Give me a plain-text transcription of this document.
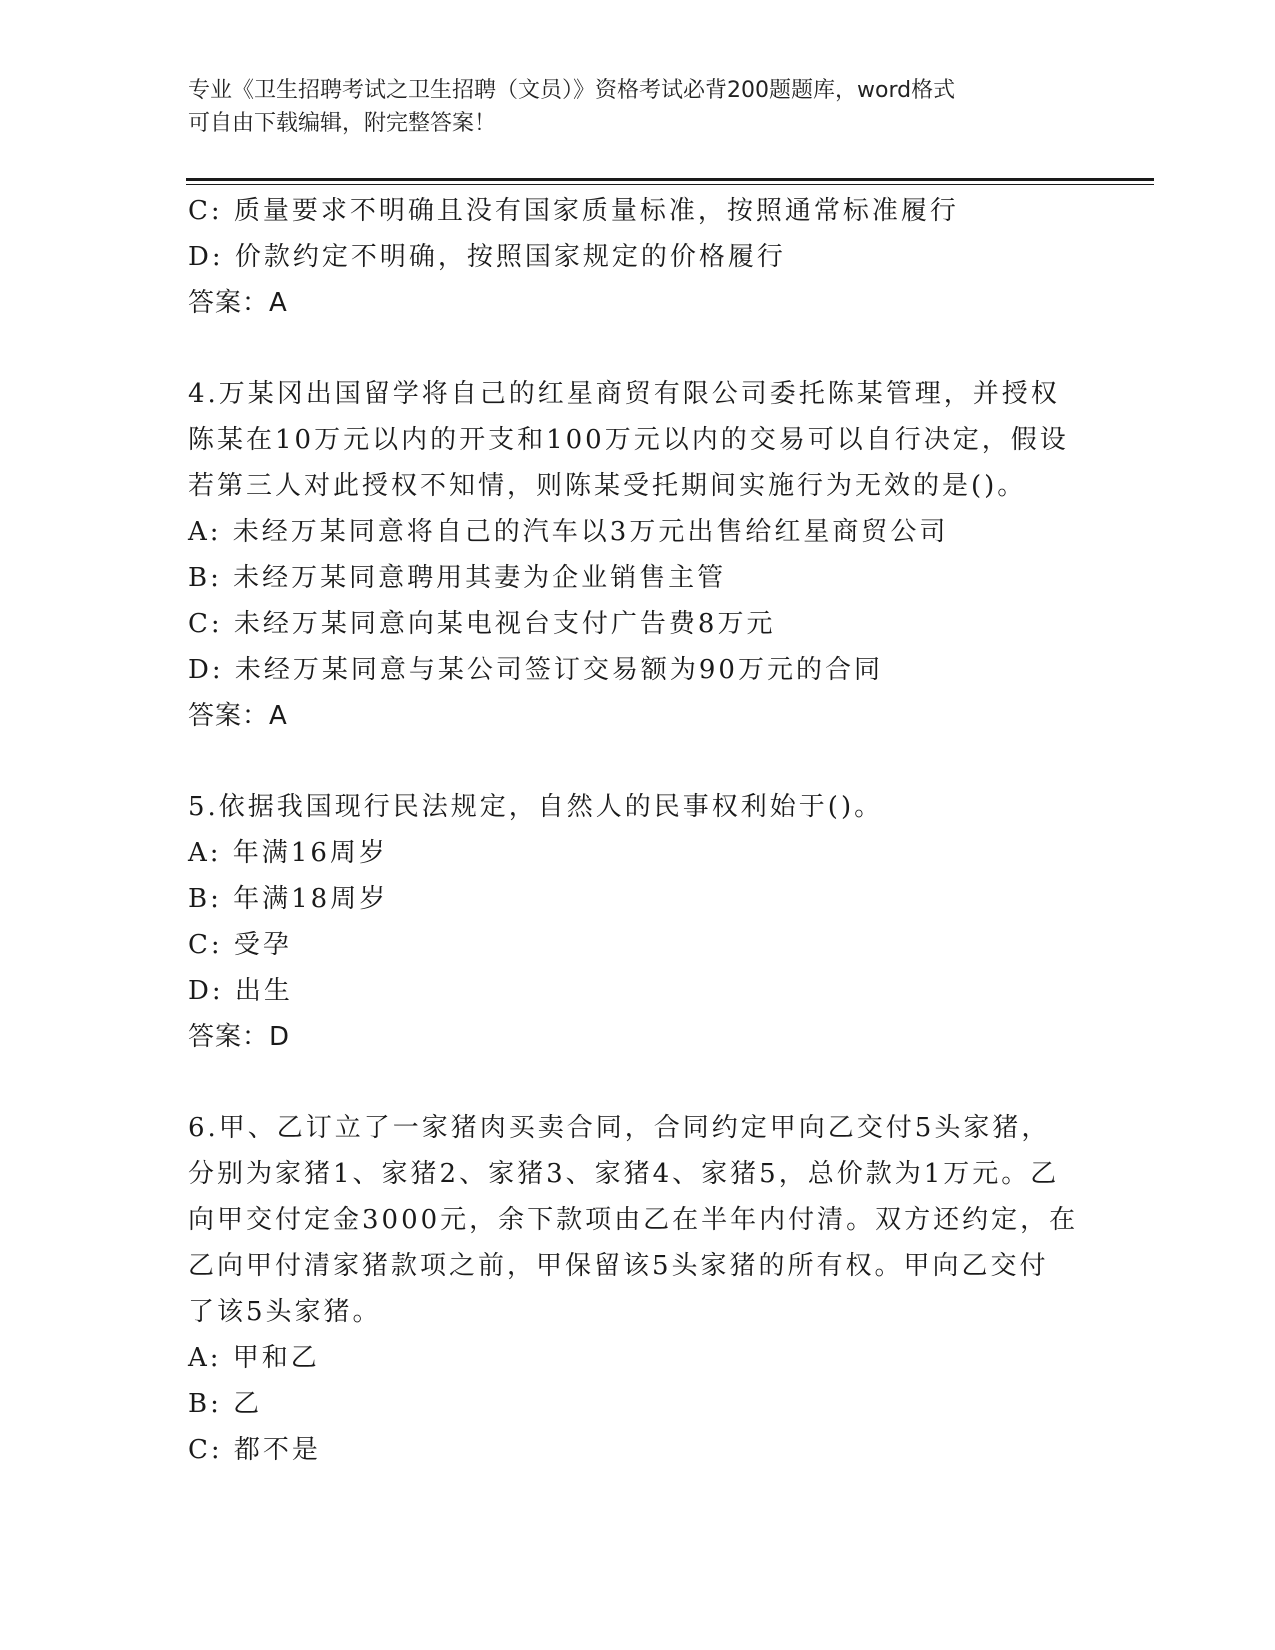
专业《卫生招聘考试之卫生招聘（文员）》资格考试必背200题题库，word格式
可自由下载编辑，附完整答案！
C: 质量要求不明确且没有国家质量标准，按照通常标准履行
D: 价款约定不明确，按照国家规定的价格履行
答案：A
4.万某冈出国留学将自己的红星商贸有限公司委托陈某管理，并授权
陈某在10万元以内的开支和100万元以内的交易可以自行决定，假设
若第三人对此授权不知情，则陈某受托期间实施行为无效的是()。
A: 未经万某同意将自己的汽车以3万元出售给红星商贸公司
B: 未经万某同意聘用其妻为企业销售主管
C: 未经万某同意向某电视台支付广告费8万元
D: 未经万某同意与某公司签订交易额为90万元的合同
答案：A
5.依据我国现行民法规定，自然人的民事权利始于()。
A: 年满16周岁
B: 年满18周岁
C: 受孕
D: 出生
答案：D
6.甲、乙订立了一家猪肉买卖合同，合同约定甲向乙交付5头家猪，
分别为家猪1、家猪2、家猪3、家猪4、家猪5，总价款为1万元。乙
向甲交付定金3000元，余下款项由乙在半年内付清。双方还约定，在
乙向甲付清家猪款项之前，甲保留该5头家猪的所有权。甲向乙交付
了该5头家猪。
A: 甲和乙
B: 乙
C: 都不是
